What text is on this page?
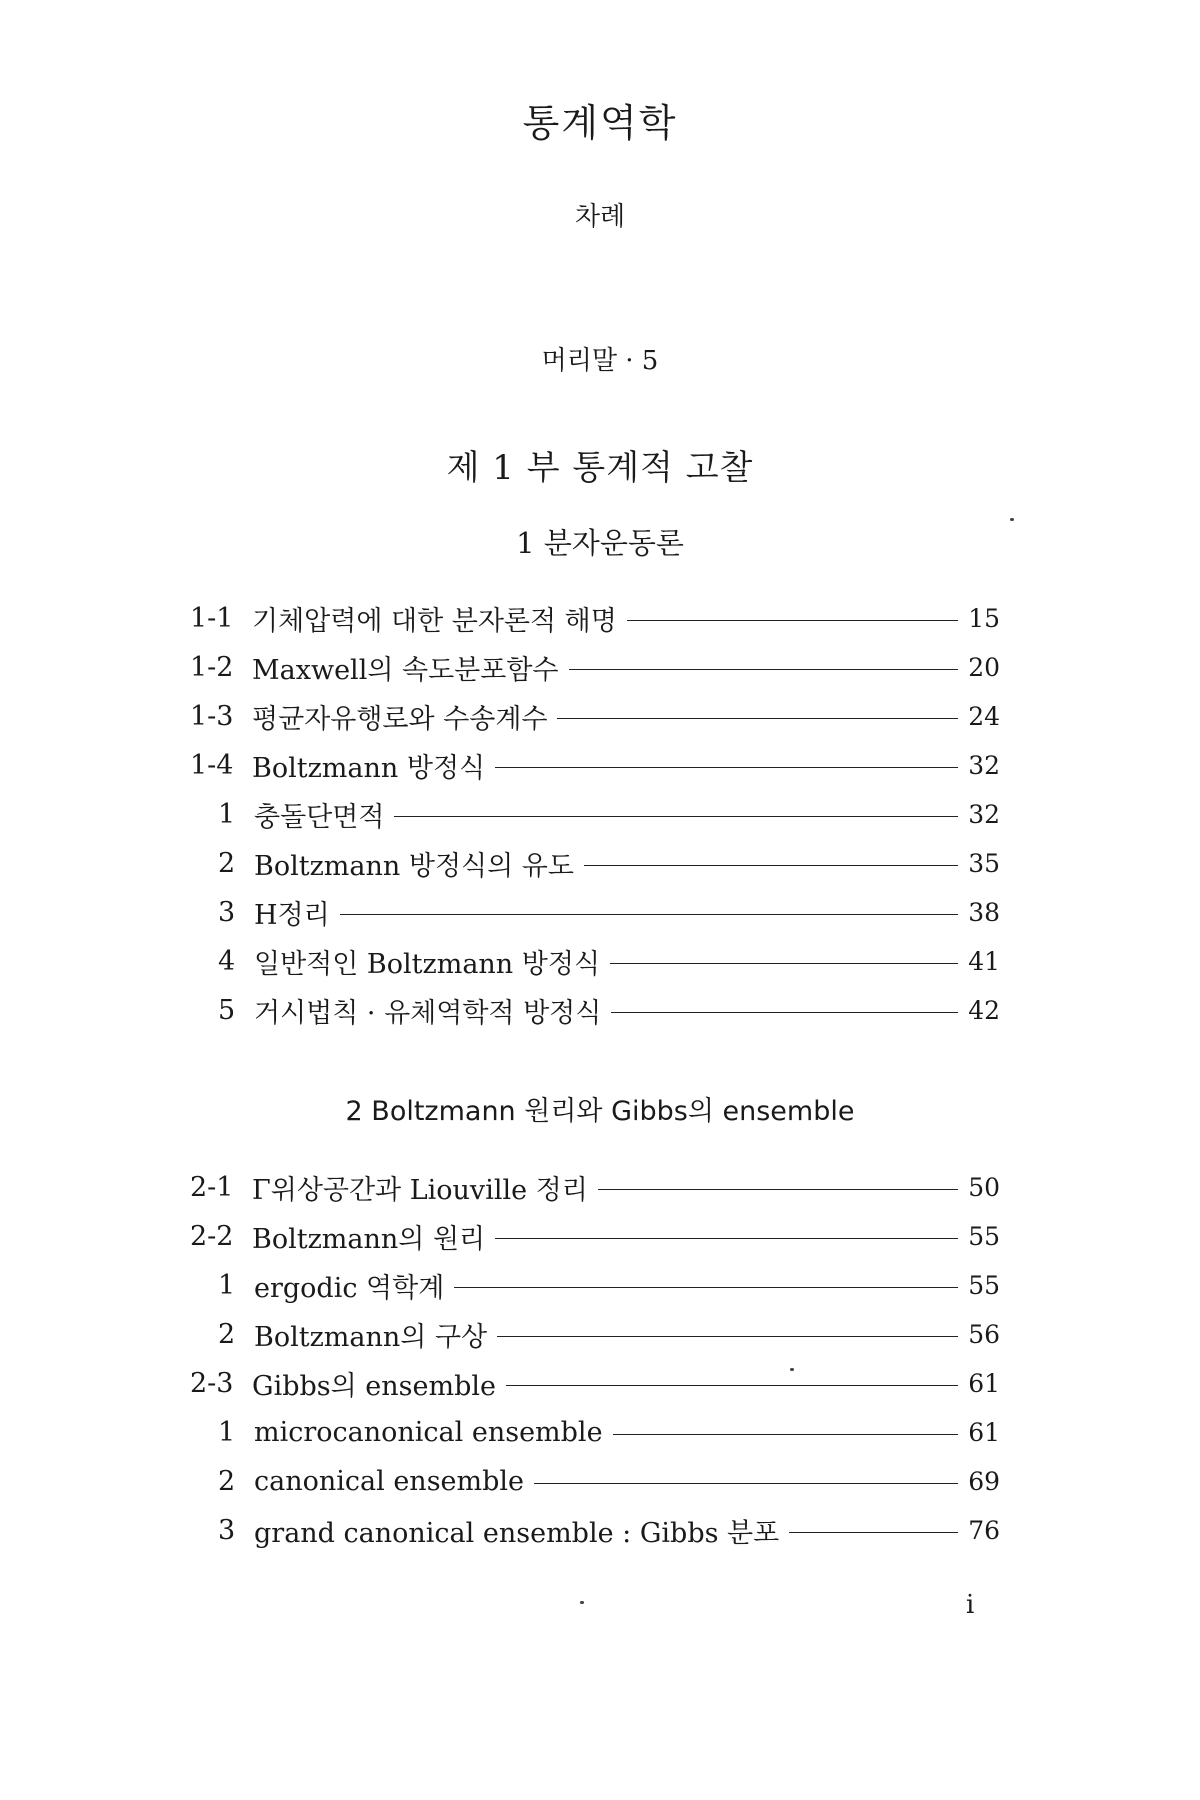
통계역학
차례
머리말 · 5
제 1 부 통계적 고찰
1 분자운동론
1-1 기체압력에 대한 분자론적 해명	15
1-2 Maxwell의 속도분포함수	20
1-3 평균자유행로와 수송계수	24
1-4 Boltzmann 방정식	32
1 충돌단면적	32
2 Boltzmann 방정식의 유도	35
3 H정리	38
4 일반적인 Boltzmann 방정식	41
5 거시법칙 · 유체역학적 방정식	42
2 Boltzmann 원리와 Gibbs의 ensemble
2-1 Γ위상공간과 Liouville 정리	50
2-2 Boltzmann의 원리	55
1 ergodic 역학계	55
2 Boltzmann의 구상	56
2-3 Gibbs의 ensemble	61
1 microcanonical ensemble	61
2 canonical ensemble	69
3 grand canonical ensemble : Gibbs 분포	76
i
